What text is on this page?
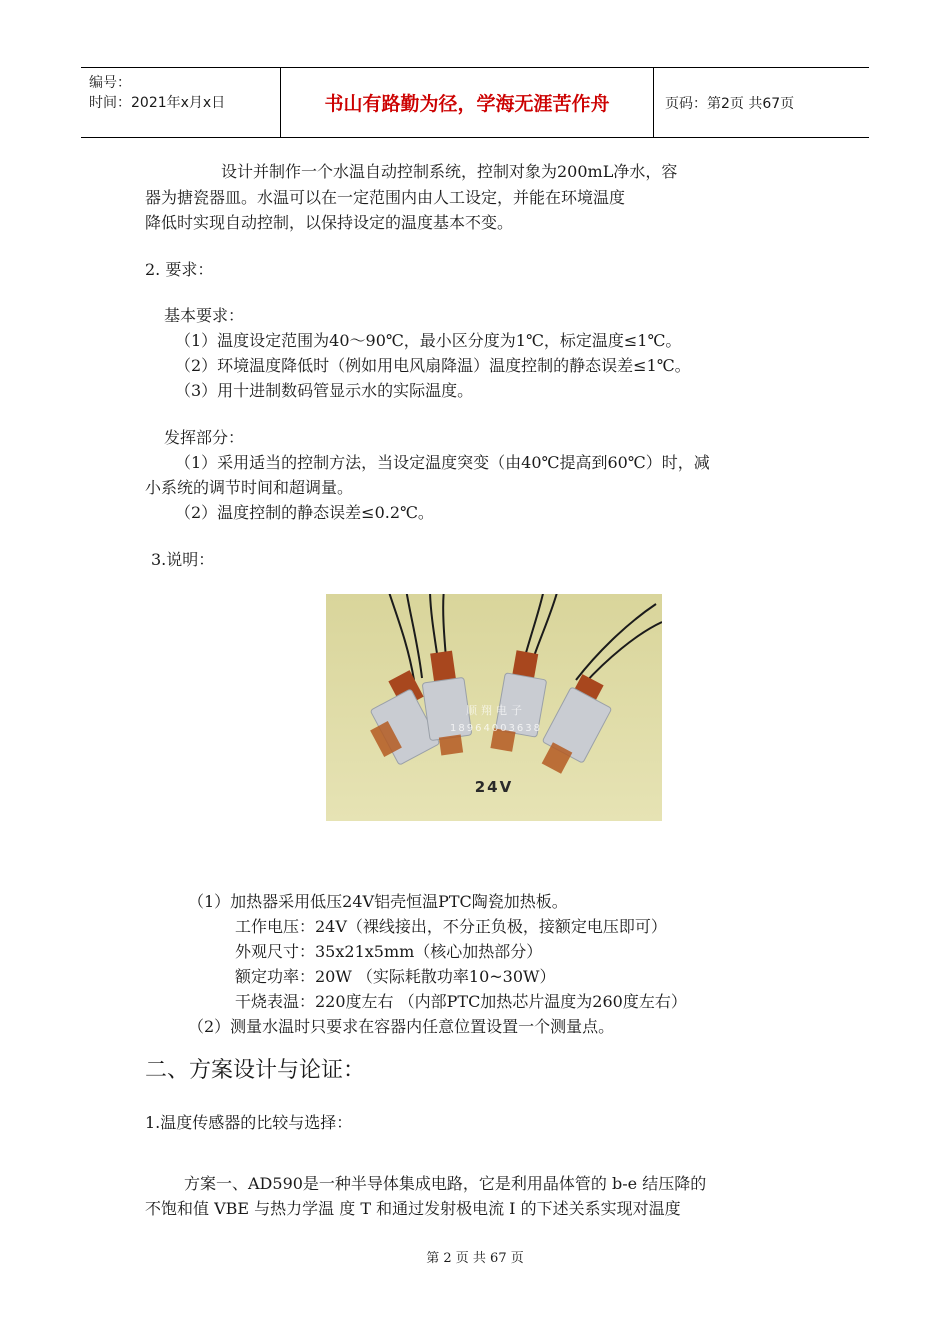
编号：
时间：2021年x月x日	书山有路勤为径，学海无涯苦作舟	页码：第2页 共67页
设计并制作一个水温自动控制系统，控制对象为200mL净水，容
器为搪瓷器皿。水温可以在一定范围内由人工设定，并能在环境温度
降低时实现自动控制，以保持设定的温度基本不变。
2. 要求：
基本要求：
（1）温度设定范围为40～90℃，最小区分度为1℃，标定温度≤1℃。
（2）环境温度降低时（例如用电风扇降温）温度控制的静态误差≤1℃。
（3）用十进制数码管显示水的实际温度。
发挥部分：
（1）采用适当的控制方法，当设定温度突变（由40℃提高到60℃）时，减
小系统的调节时间和超调量。
（2）温度控制的静态误差≤0.2℃。
3.说明：
顺翔电子
18964003638
24V
（1）加热器采用低压24V铝壳恒温PTC陶瓷加热板。
工作电压：24V（裸线接出，不分正负极，接额定电压即可）
外观尺寸：35x21x5mm（核心加热部分）
额定功率：20W （实际耗散功率10~30W）
干烧表温：220度左右 （内部PTC加热芯片温度为260度左右）
（2）测量水温时只要求在容器内任意位置设置一个测量点。
二、方案设计与论证：
1.温度传感器的比较与选择：
方案一、AD590是一种半导体集成电路，它是利用晶体管的 b-e 结压降的
不饱和值 VBE 与热力学温 度 T 和通过发射极电流 I 的下述关系实现对温度
第 2 页 共 67 页
